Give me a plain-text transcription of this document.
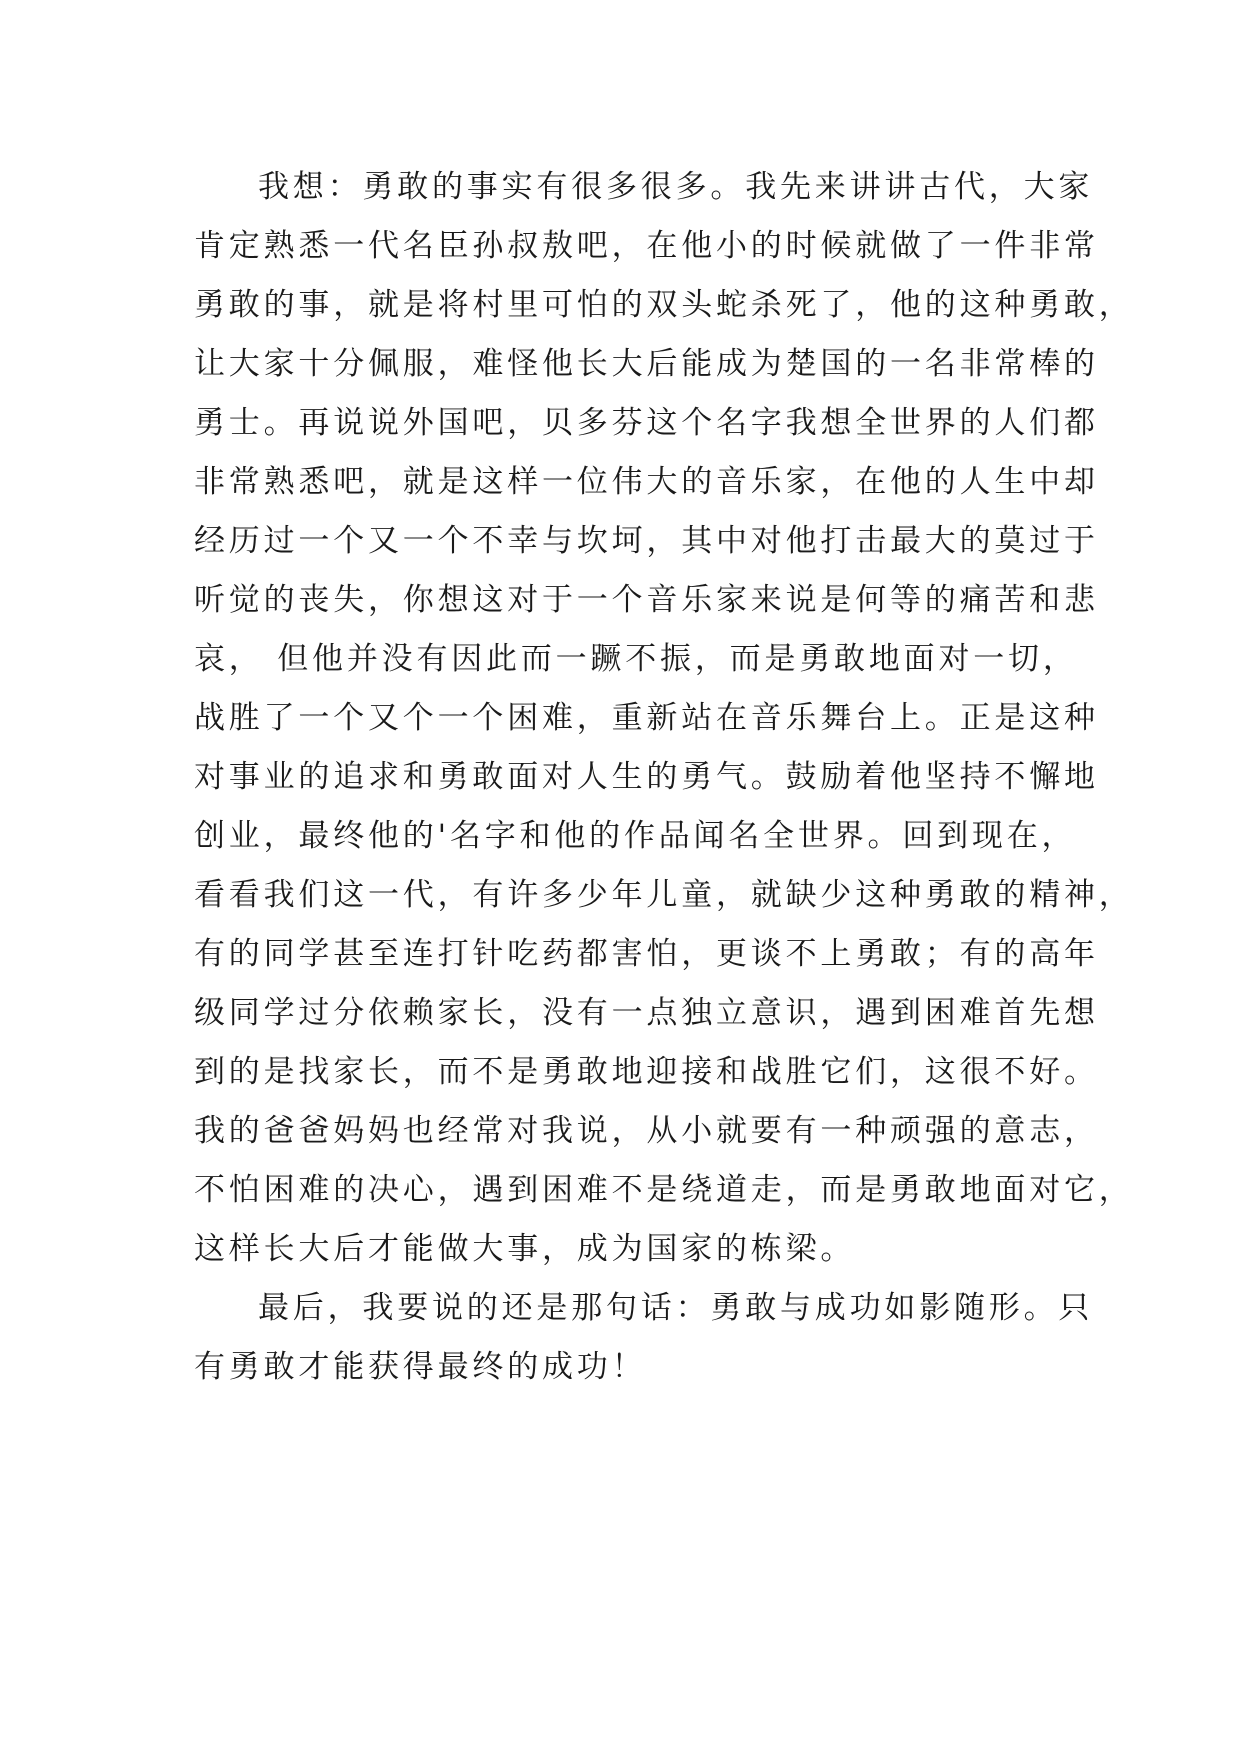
我想：勇敢的事实有很多很多。我先来讲讲古代，大家
肯定熟悉一代名臣孙叔敖吧，在他小的时候就做了一件非常
勇敢的事，就是将村里可怕的双头蛇杀死了，他的这种勇敢，
让大家十分佩服，难怪他长大后能成为楚国的一名非常棒的
勇士。再说说外国吧，贝多芬这个名字我想全世界的人们都
非常熟悉吧，就是这样一位伟大的音乐家，在他的人生中却
经历过一个又一个不幸与坎坷，其中对他打击最大的莫过于
听觉的丧失，你想这对于一个音乐家来说是何等的痛苦和悲
哀， 但他并没有因此而一蹶不振，而是勇敢地面对一切，
战胜了一个又个一个困难，重新站在音乐舞台上。正是这种
对事业的追求和勇敢面对人生的勇气。鼓励着他坚持不懈地
创业，最终他的'名字和他的作品闻名全世界。回到现在，
看看我们这一代，有许多少年儿童，就缺少这种勇敢的精神，
有的同学甚至连打针吃药都害怕，更谈不上勇敢；有的高年
级同学过分依赖家长，没有一点独立意识，遇到困难首先想
到的是找家长，而不是勇敢地迎接和战胜它们，这很不好。
我的爸爸妈妈也经常对我说，从小就要有一种顽强的意志，
不怕困难的决心，遇到困难不是绕道走，而是勇敢地面对它，
这样长大后才能做大事，成为国家的栋梁。
最后，我要说的还是那句话：勇敢与成功如影随形。只
有勇敢才能获得最终的成功！
